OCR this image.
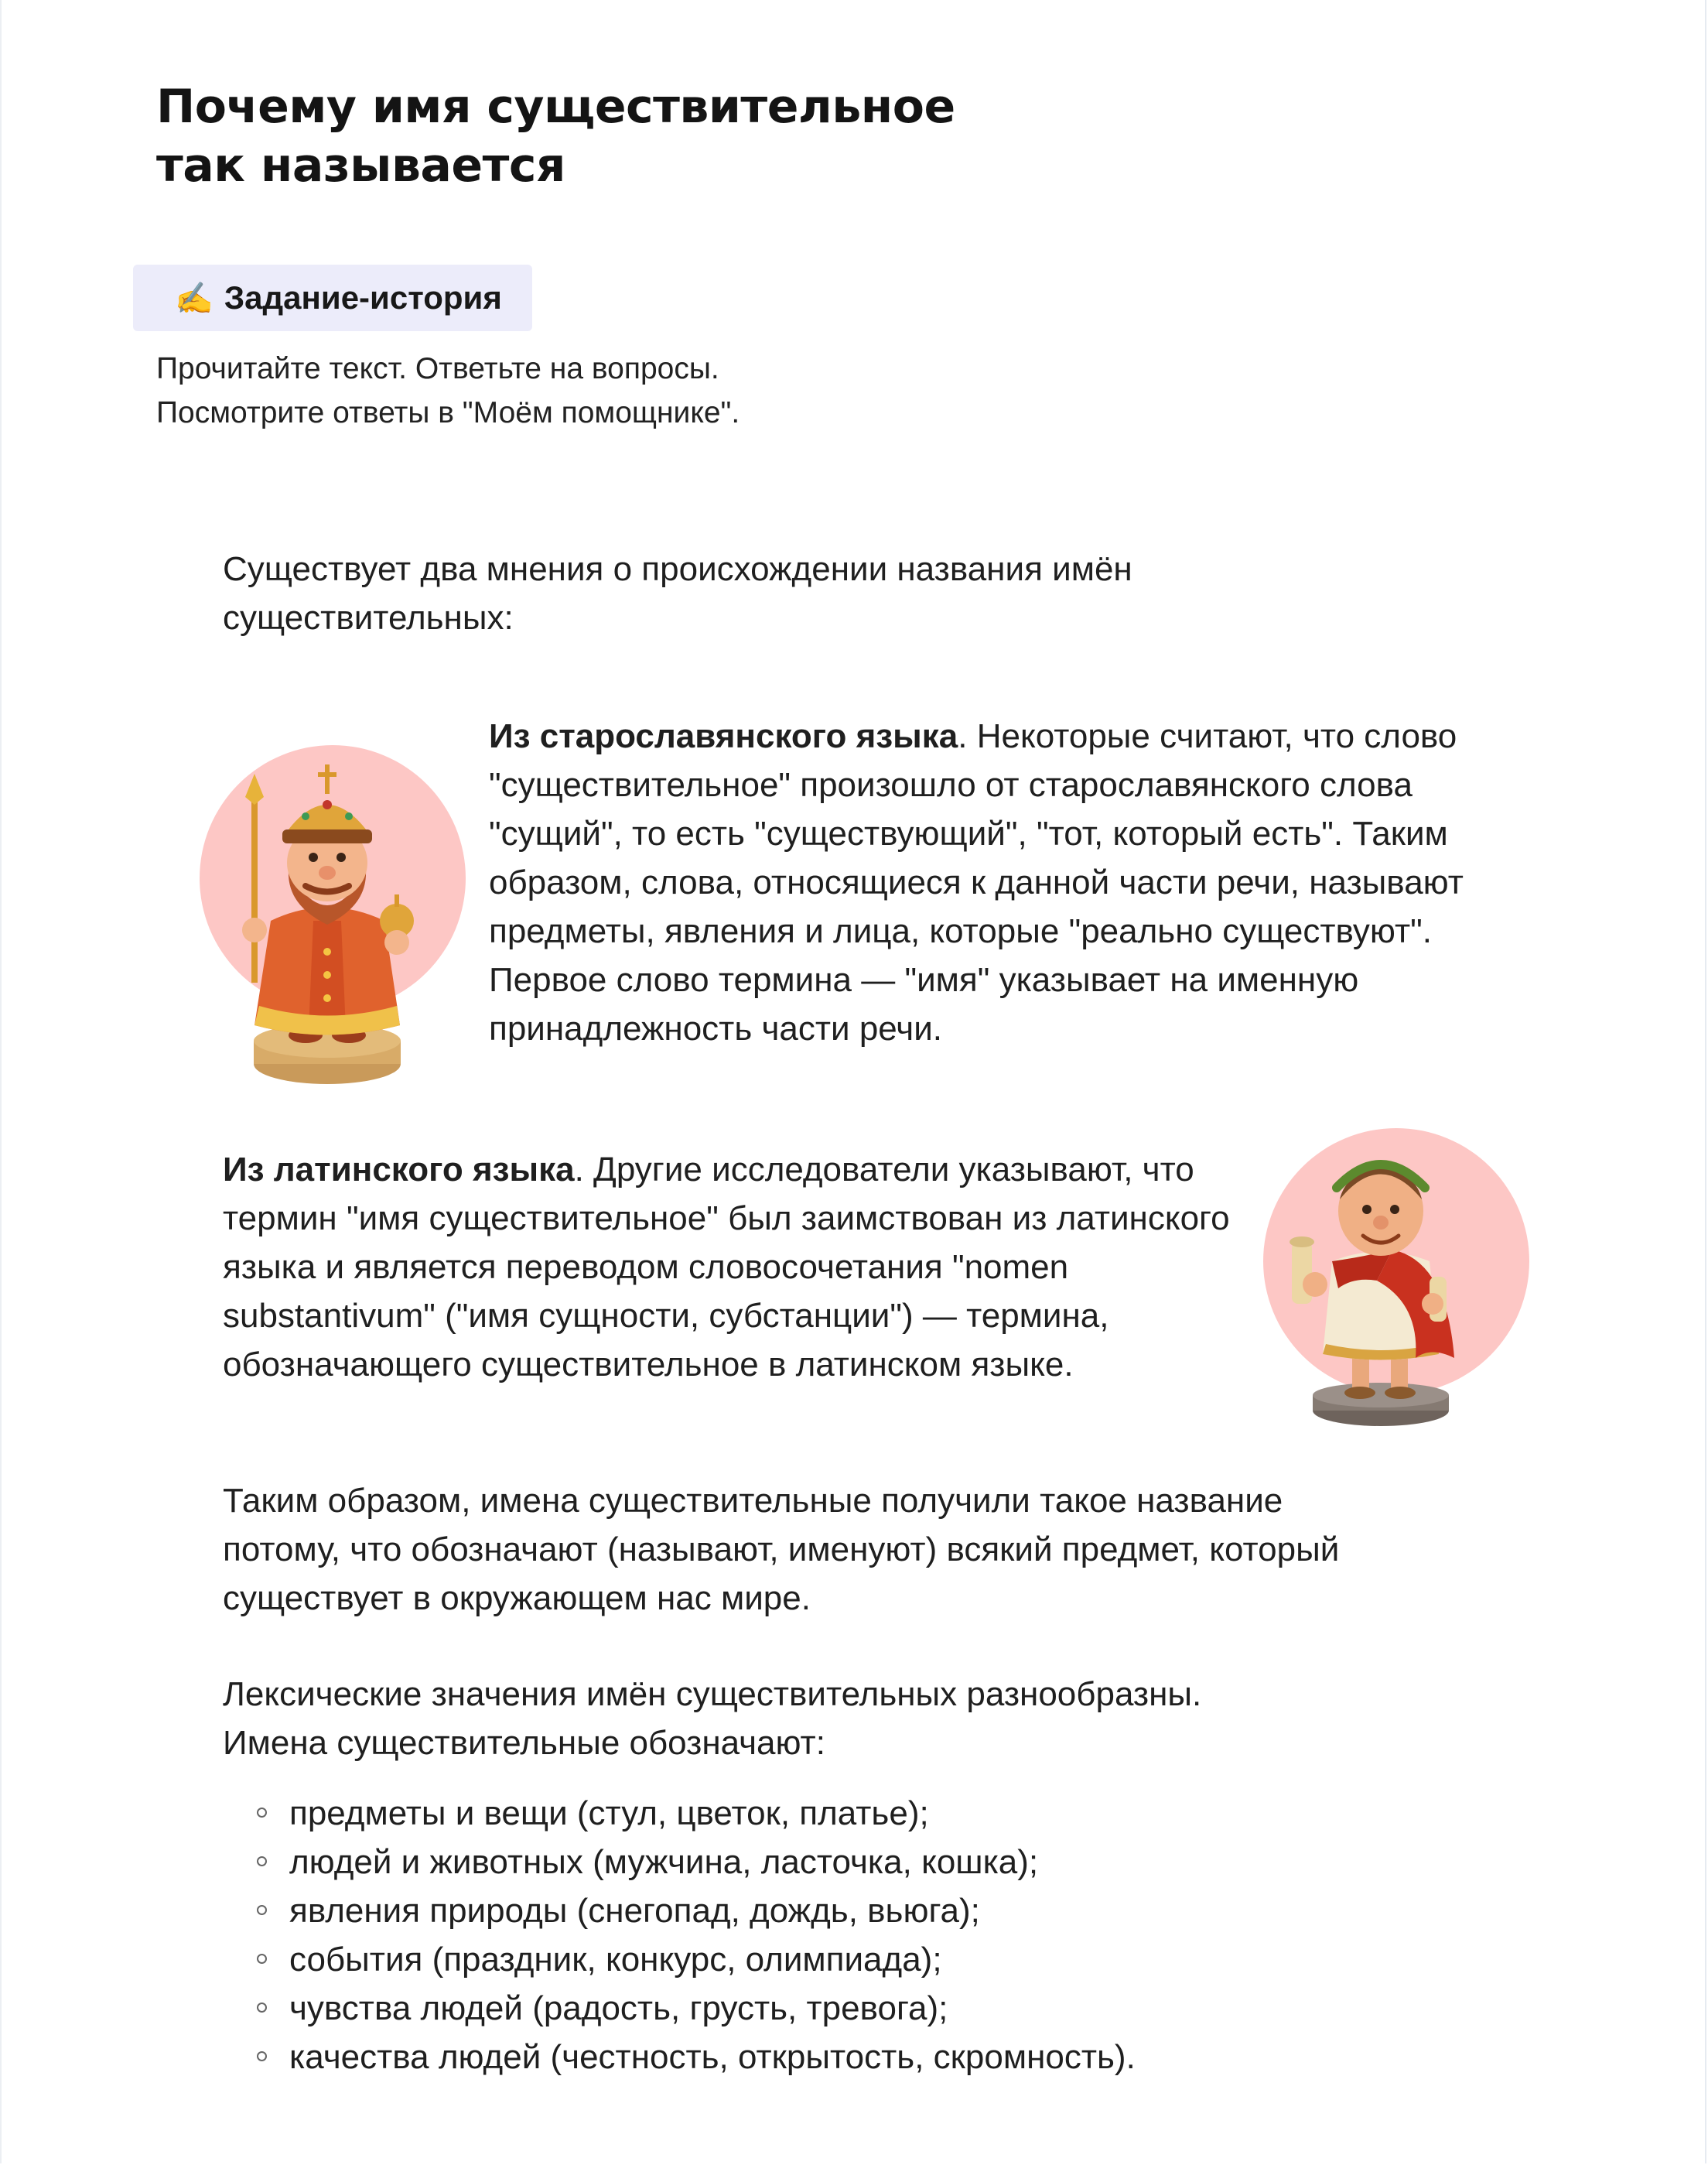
Почему имя существительное
так называется
✍ Задание-история
Прочитайте текст. Ответьте на вопросы.
Посмотрите ответы в "Моём помощнике".
Существует два мнения о происхождении названия имён существительных:
Из старославянского языка. Некоторые считают, что слово "существительное" произошло от старославянского слова "сущий", то есть "существующий", "тот, который есть". Таким образом, слова, относящиеся к данной части речи, называют предметы, явления и лица, которые "реально существуют". Первое слово термина — "имя" указывает на именную принадлежность части речи.
Из латинского языка. Другие исследователи указывают, что термин "имя существительное" был заимствован из латинского языка и является переводом словосочетания "nomen substantivum" ("имя сущности, субстанции") — термина, обозначающего существительное в латинском языке.
Таким образом, имена существительные получили такое название потому, что обозначают (называют, именуют) всякий предмет, который существует в окружающем нас мире.
Лексические значения имён существительных разнообразны.
Имена существительные обозначают:
предметы и вещи (стул, цветок, платье);
людей и животных (мужчина, ласточка, кошка);
явления природы (снегопад, дождь, вьюга);
события (праздник, конкурс, олимпиада);
чувства людей (радость, грусть, тревога);
качества людей (честность, открытость, скромность).
